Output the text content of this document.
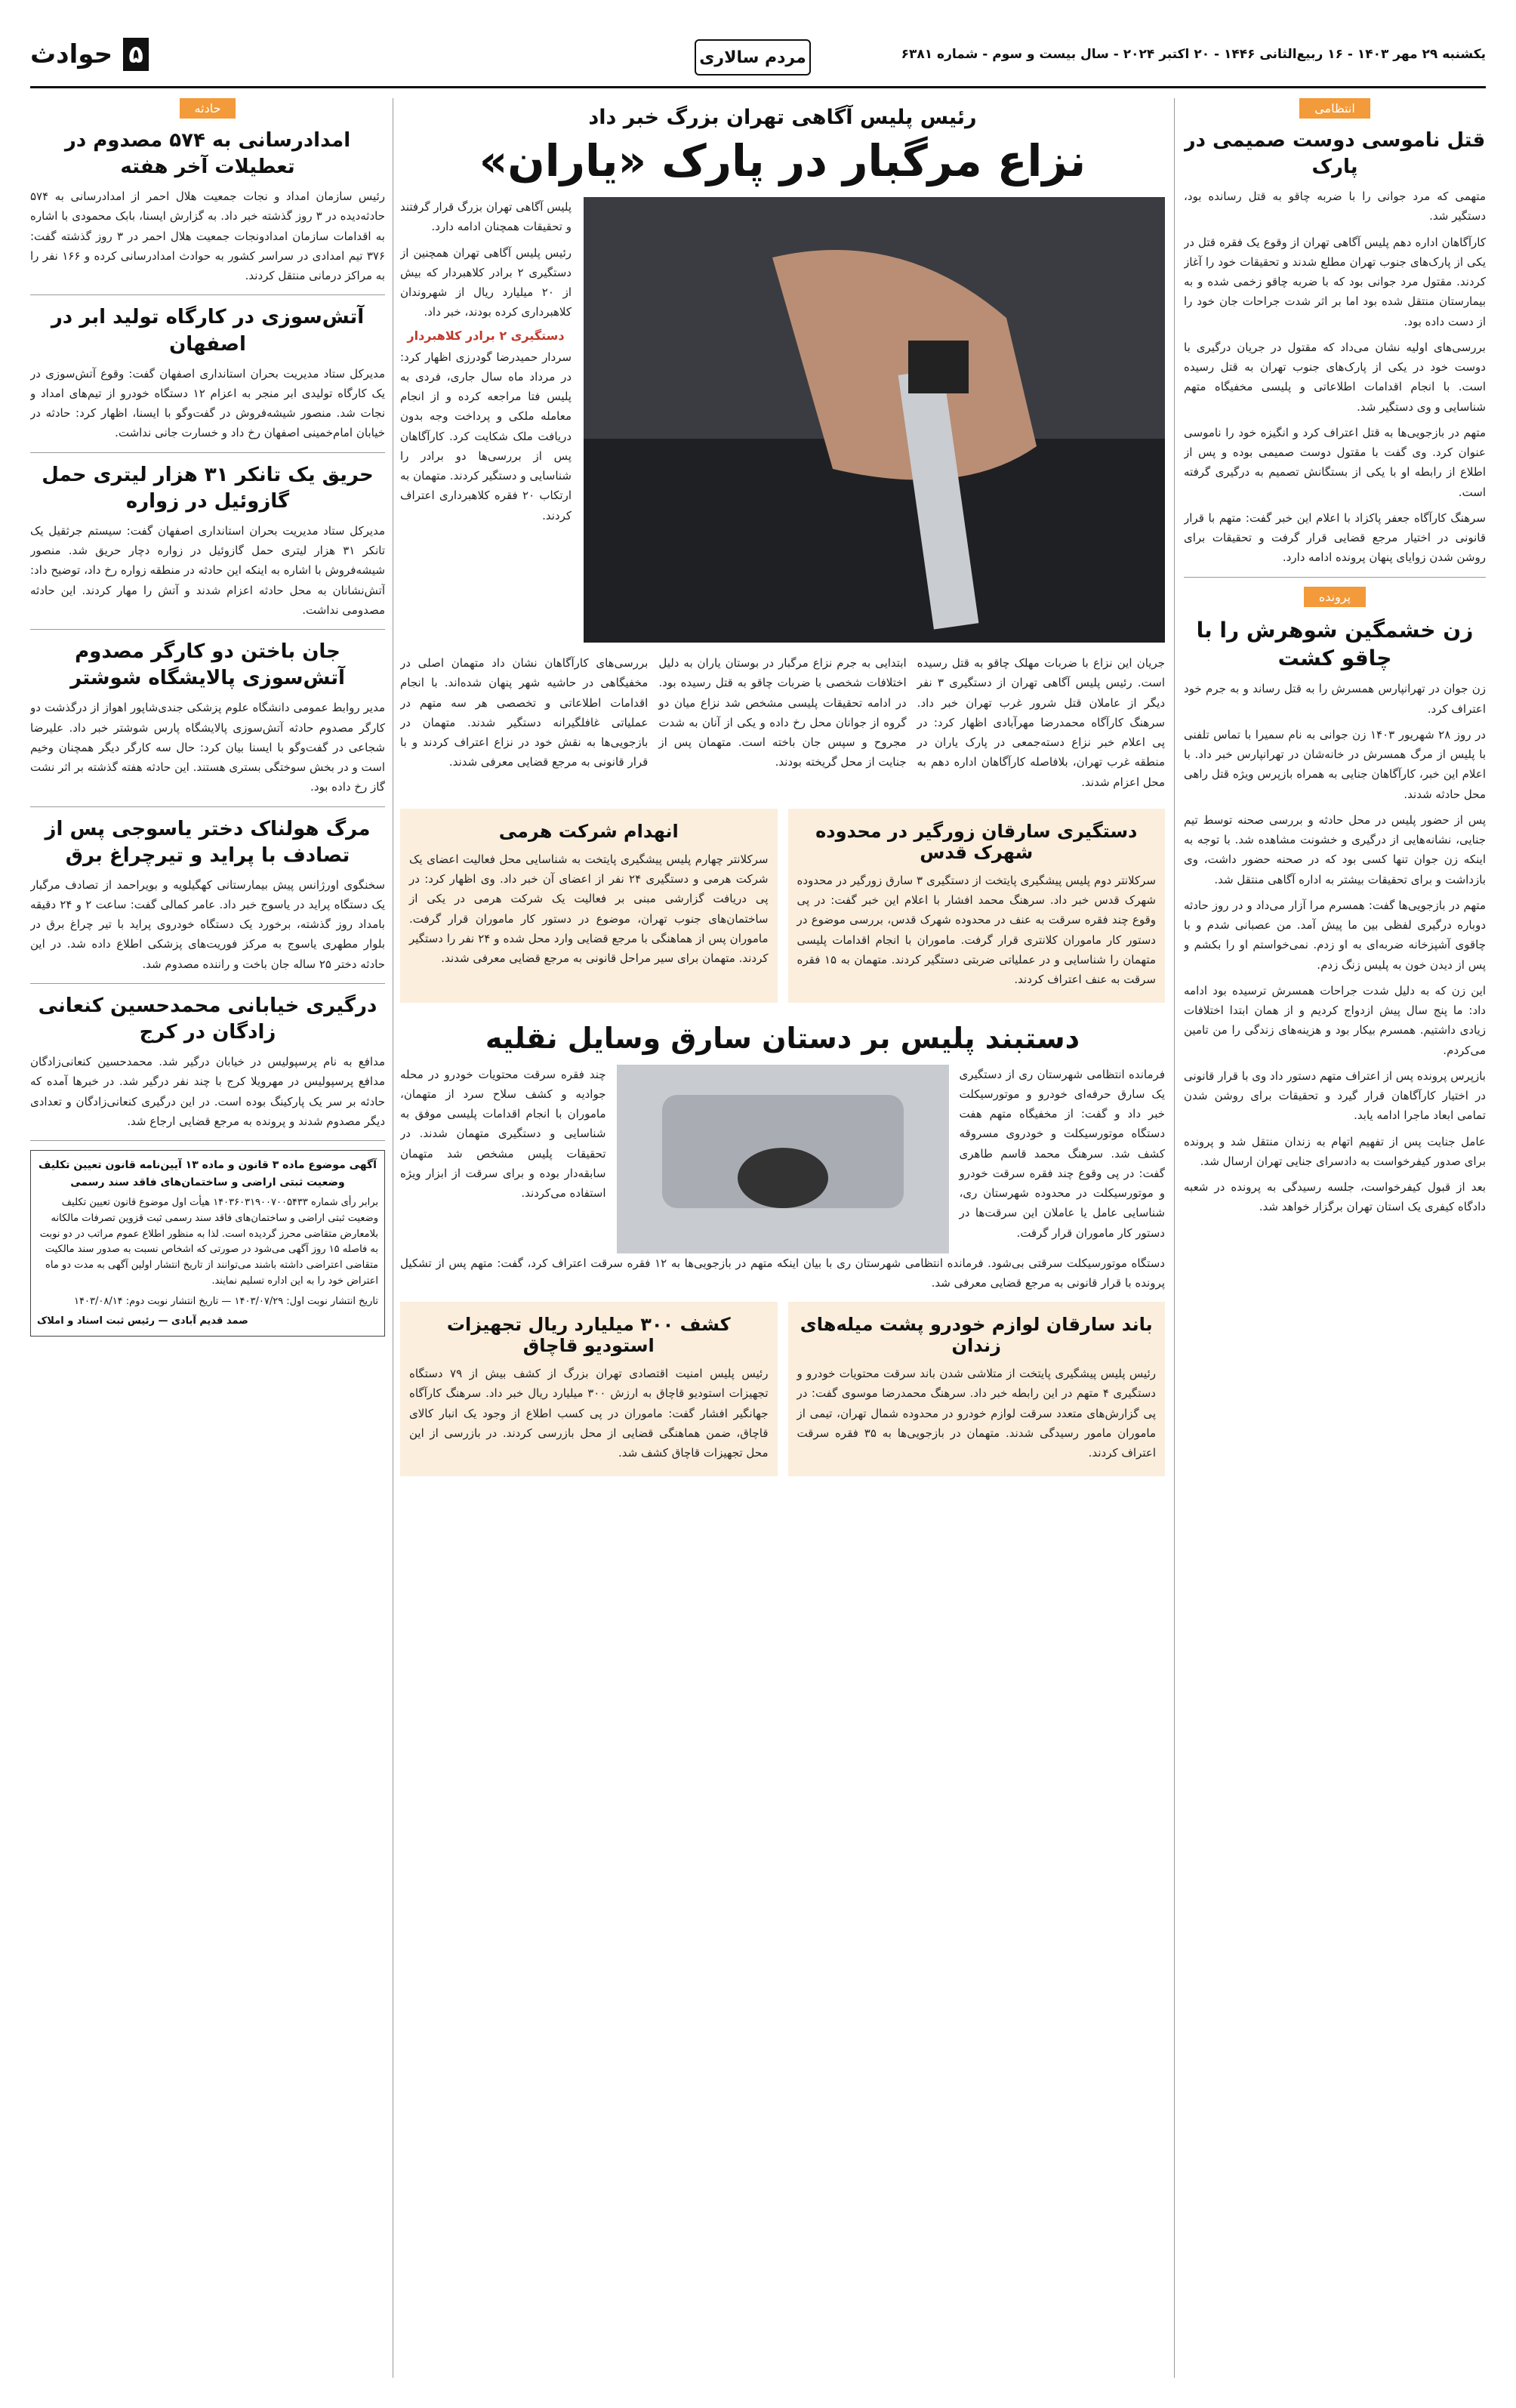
یکشنبه ۲۹ مهر ۱۴۰۳ - ۱۶ ربیع‌الثانی ۱۴۴۶ - ۲۰ اکتبر ۲۰۲۴ - سال بیست و سوم - شماره ۶۳۸۱
مردم سالاری
۵
حوادث
انتظامی
قتل ناموسی دوست صمیمی در پارک

متهمی که مرد جوانی را با ضربه چاقو به قتل رسانده بود، دستگیر شد.

کارآگاهان اداره دهم پلیس آگاهی تهران از وقوع یک فقره قتل در یکی از پارک‌های جنوب تهران مطلع شدند و تحقیقات خود را آغاز کردند. مقتول مرد جوانی بود که با ضربه چاقو زخمی شده و به بیمارستان منتقل شده بود اما بر اثر شدت جراحات جان خود را از دست داده بود.

بررسی‌های اولیه نشان می‌داد که مقتول در جریان درگیری با دوست خود در یکی از پارک‌های جنوب تهران به قتل رسیده است. با انجام اقدامات اطلاعاتی و پلیسی مخفیگاه متهم شناسایی و وی دستگیر شد.

متهم در بازجویی‌ها به قتل اعتراف کرد و انگیزه خود را ناموسی عنوان کرد. وی گفت با مقتول دوست صمیمی بوده و پس از اطلاع از رابطه او با یکی از بستگانش تصمیم به درگیری گرفته است.

سرهنگ کارآگاه جعفر پاکزاد با اعلام این خبر گفت: متهم با قرار قانونی در اختیار مرجع قضایی قرار گرفت و تحقیقات برای روشن شدن زوایای پنهان پرونده ادامه دارد.

پرونده
زن خشمگین شوهرش را با چاقو کشت

زن جوان در تهرانپارس همسرش را به قتل رساند و به جرم خود اعتراف کرد.

در روز ۲۸ شهریور ۱۴۰۳ زن جوانی به نام سمیرا با تماس تلفنی با پلیس از مرگ همسرش در خانه‌شان در تهرانپارس خبر داد. با اعلام این خبر، کارآگاهان جنایی به همراه بازپرس ویژه قتل راهی محل حادثه شدند.

پس از حضور پلیس در محل حادثه و بررسی صحنه توسط تیم جنایی، نشانه‌هایی از درگیری و خشونت مشاهده شد. با توجه به اینکه زن جوان تنها کسی بود که در صحنه حضور داشت، وی بازداشت و برای تحقیقات بیشتر به اداره آگاهی منتقل شد.

متهم در بازجویی‌ها گفت: همسرم مرا آزار می‌داد و در روز حادثه دوباره درگیری لفظی بین ما پیش آمد. من عصبانی شدم و با چاقوی آشپزخانه ضربه‌ای به او زدم. نمی‌خواستم او را بکشم و پس از دیدن خون به پلیس زنگ زدم.

این زن که به دلیل شدت جراحات همسرش ترسیده بود ادامه داد: ما پنج سال پیش ازدواج کردیم و از همان ابتدا اختلافات زیادی داشتیم. همسرم بیکار بود و هزینه‌های زندگی را من تامین می‌کردم.

بازپرس پرونده پس از اعتراف متهم دستور داد وی با قرار قانونی در اختیار کارآگاهان قرار گیرد و تحقیقات برای روشن شدن تمامی ابعاد ماجرا ادامه یابد.

عامل جنایت پس از تفهیم اتهام به زندان منتقل شد و پرونده برای صدور کیفرخواست به دادسرای جنایی تهران ارسال شد.

بعد از قبول کیفرخواست، جلسه رسیدگی به پرونده در شعبه دادگاه کیفری یک استان تهران برگزار خواهد شد.

رئیس پلیس آگاهی تهران بزرگ خبر داد
نزاع مرگبار در پارک «یاران»

پلیس آگاهی تهران بزرگ قرار گرفتند و تحقیقات همچنان ادامه دارد.

رئیس پلیس آگاهی تهران همچنین از دستگیری ۲ برادر کلاهبردار که بیش از ۲۰ میلیارد ریال از شهروندان کلاهبرداری کرده بودند، خبر داد.

دستگیری ۲ برادر کلاهبردار

سردار حمیدرضا گودرزی اظهار کرد: در مرداد ماه سال جاری، فردی به پلیس فتا مراجعه کرده و از انجام معامله ملکی و پرداخت وجه بدون دریافت ملک شکایت کرد. کارآگاهان پس از بررسی‌ها دو برادر را شناسایی و دستگیر کردند. متهمان به ارتکاب ۲۰ فقره کلاهبرداری اعتراف کردند.

جریان این نزاع با ضربات مهلک چاقو به قتل رسیده است. رئیس پلیس آگاهی تهران از دستگیری ۳ نفر دیگر از عاملان قتل شرور غرب تهران خبر داد. سرهنگ کارآگاه محمدرضا مهرآبادی اظهار کرد: در پی اعلام خبر نزاع دسته‌جمعی در پارک یاران در منطقه غرب تهران، بلافاصله کارآگاهان اداره دهم به محل اعزام شدند.

ابتدایی به جرم نزاع مرگبار در بوستان یاران به دلیل اختلافات شخصی با ضربات چاقو به قتل رسیده بود. در ادامه تحقیقات پلیسی مشخص شد نزاع میان دو گروه از جوانان محل رخ داده و یکی از آنان به شدت مجروح و سپس جان باخته است. متهمان پس از جنایت از محل گریخته بودند.

بررسی‌های کارآگاهان نشان داد متهمان اصلی در مخفیگاهی در حاشیه شهر پنهان شده‌اند. با انجام اقدامات اطلاعاتی و تخصصی هر سه متهم در عملیاتی غافلگیرانه دستگیر شدند. متهمان در بازجویی‌ها به نقش خود در نزاع اعتراف کردند و با قرار قانونی به مرجع قضایی معرفی شدند.

دستگیری سارقان زورگیر در محدوده شهرک قدس

سرکلانتر دوم پلیس پیشگیری پایتخت از دستگیری ۳ سارق زورگیر در محدوده شهرک قدس خبر داد. سرهنگ محمد افشار با اعلام این خبر گفت: در پی وقوع چند فقره سرقت به عنف در محدوده شهرک قدس، بررسی موضوع در دستور کار ماموران کلانتری قرار گرفت. ماموران با انجام اقدامات پلیسی متهمان را شناسایی و در عملیاتی ضربتی دستگیر کردند. متهمان به ۱۵ فقره سرقت به عنف اعتراف کردند.

انهدام شرکت هرمی

سرکلانتر چهارم پلیس پیشگیری پایتخت به شناسایی محل فعالیت اعضای یک شرکت هرمی و دستگیری ۲۴ نفر از اعضای آن خبر داد. وی اظهار کرد: در پی دریافت گزارشی مبنی بر فعالیت یک شرکت هرمی در یکی از ساختمان‌های جنوب تهران، موضوع در دستور کار ماموران قرار گرفت. ماموران پس از هماهنگی با مرجع قضایی وارد محل شده و ۲۴ نفر را دستگیر کردند. متهمان برای سیر مراحل قانونی به مرجع قضایی معرفی شدند.

دستبند پلیس بر دستان سارق وسایل نقلیه

فرمانده انتظامی شهرستان ری از دستگیری یک سارق حرفه‌ای خودرو و موتورسیکلت خبر داد و گفت: از مخفیگاه متهم هفت دستگاه موتورسیکلت و خودروی مسروقه کشف شد. سرهنگ محمد قاسم طاهری گفت: در پی وقوع چند فقره سرقت خودرو و موتورسیکلت در محدوده شهرستان ری، شناسایی عامل یا عاملان این سرقت‌ها در دستور کار ماموران قرار گرفت.

چند فقره سرقت محتویات خودرو در محله جوادیه و کشف سلاح سرد از متهمان، ماموران با انجام اقدامات پلیسی موفق به شناسایی و دستگیری متهمان شدند. در تحقیقات پلیس مشخص شد متهمان سابقه‌دار بوده و برای سرقت از ابزار ویژه استفاده می‌کردند.

دستگاه موتورسیکلت سرقتی بی‌شود. فرمانده انتظامی شهرستان ری با بیان اینکه متهم در بازجویی‌ها به ۱۲ فقره سرقت اعتراف کرد، گفت: متهم پس از تشکیل پرونده با قرار قانونی به مرجع قضایی معرفی شد.

باند سارقان لوازم خودرو پشت میله‌های زندان

رئیس پلیس پیشگیری پایتخت از متلاشی شدن باند سرقت محتویات خودرو و دستگیری ۴ متهم در این رابطه خبر داد. سرهنگ محمدرضا موسوی گفت: در پی گزارش‌های متعدد سرقت لوازم خودرو در محدوده شمال تهران، تیمی از ماموران مامور رسیدگی شدند. متهمان در بازجویی‌ها به ۳۵ فقره سرقت اعتراف کردند.

کشف ۳۰۰ میلیارد ریال تجهیزات استودیو قاچاق

رئیس پلیس امنیت اقتصادی تهران بزرگ از کشف بیش از ۷۹ دستگاه تجهیزات استودیو قاچاق به ارزش ۳۰۰ میلیارد ریال خبر داد. سرهنگ کارآگاه جهانگیر افشار گفت: ماموران در پی کسب اطلاع از وجود یک انبار کالای قاچاق، ضمن هماهنگی قضایی از محل بازرسی کردند. در بازرسی از این محل تجهیزات قاچاق کشف شد.

حادثه
امدادرسانی به ۵۷۴ مصدوم در تعطیلات آخر هفته

رئیس سازمان امداد و نجات جمعیت هلال احمر از امدادرسانی به ۵۷۴ حادثه‌دیده در ۳ روز گذشته خبر داد. به گزارش ایسنا، بابک محمودی با اشاره به اقدامات سازمان امدادونجات جمعیت هلال احمر در ۳ روز گذشته گفت: ۳۷۶ تیم امدادی در سراسر کشور به حوادث امدادرسانی کرده و ۱۶۶ نفر را به مراکز درمانی منتقل کردند.

آتش‌سوزی در کارگاه تولید ابر در اصفهان

مدیرکل ستاد مدیریت بحران استانداری اصفهان گفت: وقوع آتش‌سوزی در یک کارگاه تولیدی ابر منجر به اعزام ۱۲ دستگاه خودرو از تیم‌های امداد و نجات شد. منصور شیشه‌فروش در گفت‌وگو با ایسنا، اظهار کرد: حادثه در خیابان امام‌خمینی اصفهان رخ داد و خسارت جانی نداشت.

حریق یک تانکر ۳۱ هزار لیتری حمل گازوئیل در زواره

مدیرکل ستاد مدیریت بحران استانداری اصفهان گفت: سیستم جرثقیل یک تانکر ۳۱ هزار لیتری حمل گازوئیل در زواره دچار حریق شد. منصور شیشه‌فروش با اشاره به اینکه این حادثه در منطقه زواره رخ داد، توضیح داد: آتش‌نشانان به محل حادثه اعزام شدند و آتش را مهار کردند. این حادثه مصدومی نداشت.

جان باختن دو کارگر مصدوم آتش‌سوزی پالایشگاه شوشتر

مدیر روابط عمومی دانشگاه علوم پزشکی جندی‌شاپور اهواز از درگذشت دو کارگر مصدوم حادثه آتش‌سوزی پالایشگاه پارس شوشتر خبر داد. علیرضا شجاعی در گفت‌وگو با ایسنا بیان کرد: حال سه کارگر دیگر همچنان وخیم است و در بخش سوختگی بستری هستند. این حادثه هفته گذشته بر اثر نشت گاز رخ داده بود.

مرگ هولناک دختر یاسوجی پس از تصادف با پراید و تیرچراغ برق

سخنگوی اورژانس پیش بیمارستانی کهگیلویه و بویراحمد از تصادف مرگبار یک دستگاه پراید در یاسوج خبر داد. عامر کمالی گفت: ساعت ۲ و ۲۴ دقیقه بامداد روز گذشته، برخورد یک دستگاه خودروی پراید با تیر چراغ برق در بلوار مطهری یاسوج به مرکز فوریت‌های پزشکی اطلاع داده شد. در این حادثه دختر ۲۵ ساله جان باخت و راننده مصدوم شد.

درگیری خیابانی محمدحسین کنعانی زادگان در کرج

مدافع به نام پرسپولیس در خیابان درگیر شد. محمدحسین کنعانی‌زادگان مدافع پرسپولیس در مهرویلا کرج با چند نفر درگیر شد. در خبرها آمده که حادثه بر سر یک پارکینگ بوده است. در این درگیری کنعانی‌زادگان و تعدادی دیگر مصدوم شدند و پرونده به مرجع قضایی ارجاع شد.

آگهی موضوع ماده ۳ قانون و ماده ۱۳ آیین‌نامه قانون تعیین تکلیف وضعیت ثبتی اراضی و ساختمان‌های فاقد سند رسمی
برابر رأی شماره ۱۴۰۳۶۰۳۱۹۰۰۷۰۰۵۴۳۳ هیأت اول موضوع قانون تعیین تکلیف وضعیت ثبتی اراضی و ساختمان‌های فاقد سند رسمی ثبت قزوین تصرفات مالکانه بلامعارض متقاضی محرز گردیده است. لذا به منظور اطلاع عموم مراتب در دو نوبت به فاصله ۱۵ روز آگهی می‌شود در صورتی که اشخاص نسبت به صدور سند مالکیت متقاضی اعتراضی داشته باشند می‌توانند از تاریخ انتشار اولین آگهی به مدت دو ماه اعتراض خود را به این اداره تسلیم نمایند.
تاریخ انتشار نوبت اول: ۱۴۰۳/۰۷/۲۹ — تاریخ انتشار نوبت دوم: ۱۴۰۳/۰۸/۱۴
صمد قدیم آبادی — رئیس ثبت اسناد و املاک
